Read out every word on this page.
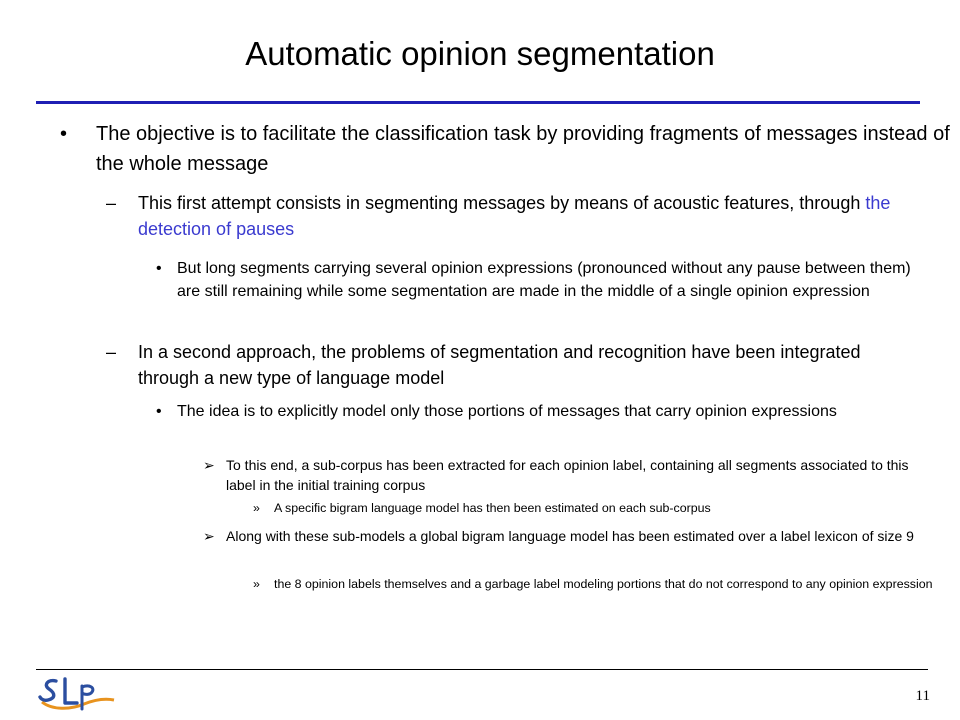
Automatic opinion segmentation
• The objective is to facilitate the classification task by providing fragments of messages instead of the whole message
– This first attempt consists in segmenting messages by means of acoustic features, through the detection of pauses
• But long segments carrying several opinion expressions (pronounced without any pause between them) are still remaining while some segmentation are made in the middle of a single opinion expression
– In a second approach, the problems of segmentation and recognition have been integrated through a new type of language model
• The idea is to explicitly model only those portions of messages that carry opinion expressions
➢ To this end, a sub-corpus has been extracted for each opinion label, containing all segments associated to this label in the initial training corpus
» A specific bigram language model has then been estimated on each sub-corpus
➢ Along with these sub-models a global bigram language model has been estimated over a label lexicon of size 9
» the 8 opinion labels themselves and a garbage label modeling portions that do not correspond to any opinion expression
11
